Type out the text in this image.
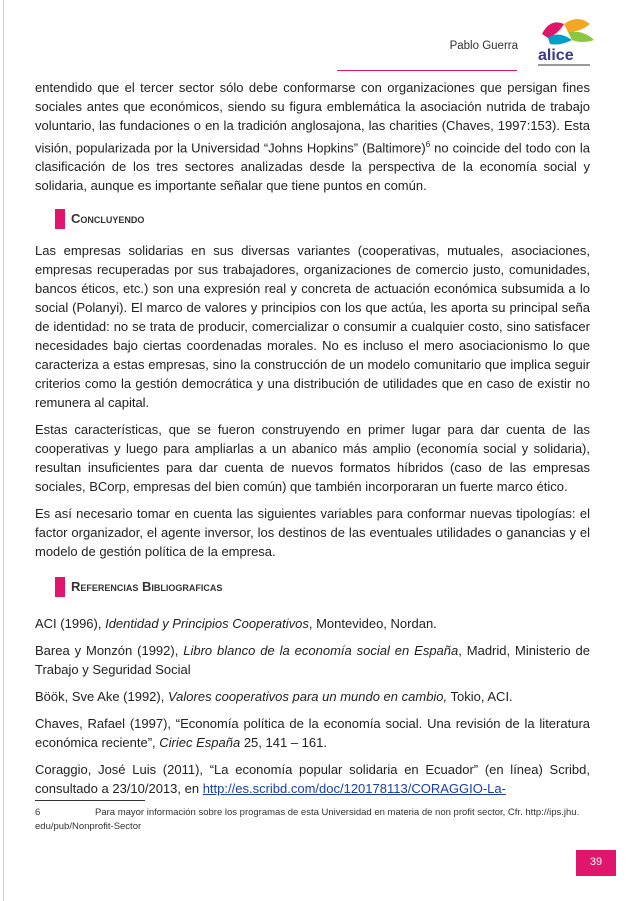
Pablo Guerra
alice

entendido que el tercer sector sólo debe conformarse con organizaciones que persigan fines sociales antes que económicos, siendo su figura emblemática la asociación nutrida de trabajo voluntario, las fundaciones o en la tradición anglosajona, las charities (Chaves, 1997:153). Esta visión, popularizada por la Universidad “Johns Hopkins” (Baltimore)$^6$ no coincide del todo con la clasificación de los tres sectores analizadas desde la perspectiva de la economía social y solidaria, aunque es importante señalar que tiene puntos en común.

Concluyendo

Las empresas solidarias en sus diversas variantes (cooperativas, mutuales, asociaciones, empresas recuperadas por sus trabajadores, organizaciones de comercio justo, comunidades, bancos éticos, etc.) son una expresión real y concreta de actuación económica subsumida a lo social (Polanyi). El marco de valores y principios con los que actúa, les aporta su principal seña de identidad: no se trata de producir, comercializar o consumir a cualquier costo, sino satisfacer necesidades bajo ciertas coordenadas morales. No es incluso el mero asociacionismo lo que caracteriza a estas empresas, sino la construcción de un modelo comunitario que implica seguir criterios como la gestión democrática y una distribución de utilidades que en caso de existir no remunera al capital.

Estas características, que se fueron construyendo en primer lugar para dar cuenta de las cooperativas y luego para ampliarlas a un abanico más amplio (economía social y solidaria), resultan insuficientes para dar cuenta de nuevos formatos híbridos (caso de las empresas sociales, BCorp, empresas del bien común) que también incorporaran un fuerte marco ético.

Es así necesario tomar en cuenta las siguientes variables para conformar nuevas tipologías: el factor organizador, el agente inversor, los destinos de las eventuales utilidades o ganancias y el modelo de gestión política de la empresa.

Referencias Bibliograficas

ACI (1996), Identidad y Principios Cooperativos, Montevideo, Nordan.

Barea y Monzón (1992), Libro blanco de la economía social en España, Madrid, Ministerio de Trabajo y Seguridad Social

Böök, Sve Ake (1992), Valores cooperativos para un mundo en cambio, Tokio, ACI.

Chaves, Rafael (1997), “Economía política de la economía social. Una revisión de la literatura económica reciente”, Ciriec España 25, 141 – 161.

Coraggio, José Luis (2011), “La economía popular solidaria en Ecuador” (en línea) Scribd, consultado a 23/10/2013, en http://es.scribd.com/doc/120178113/CORAGGIO-La-

6	Para mayor información sobre los programas de esta Universidad en materia de non profit sector, Cfr. http://ips.jhu. edu/pub/Nonprofit-Sector
39
